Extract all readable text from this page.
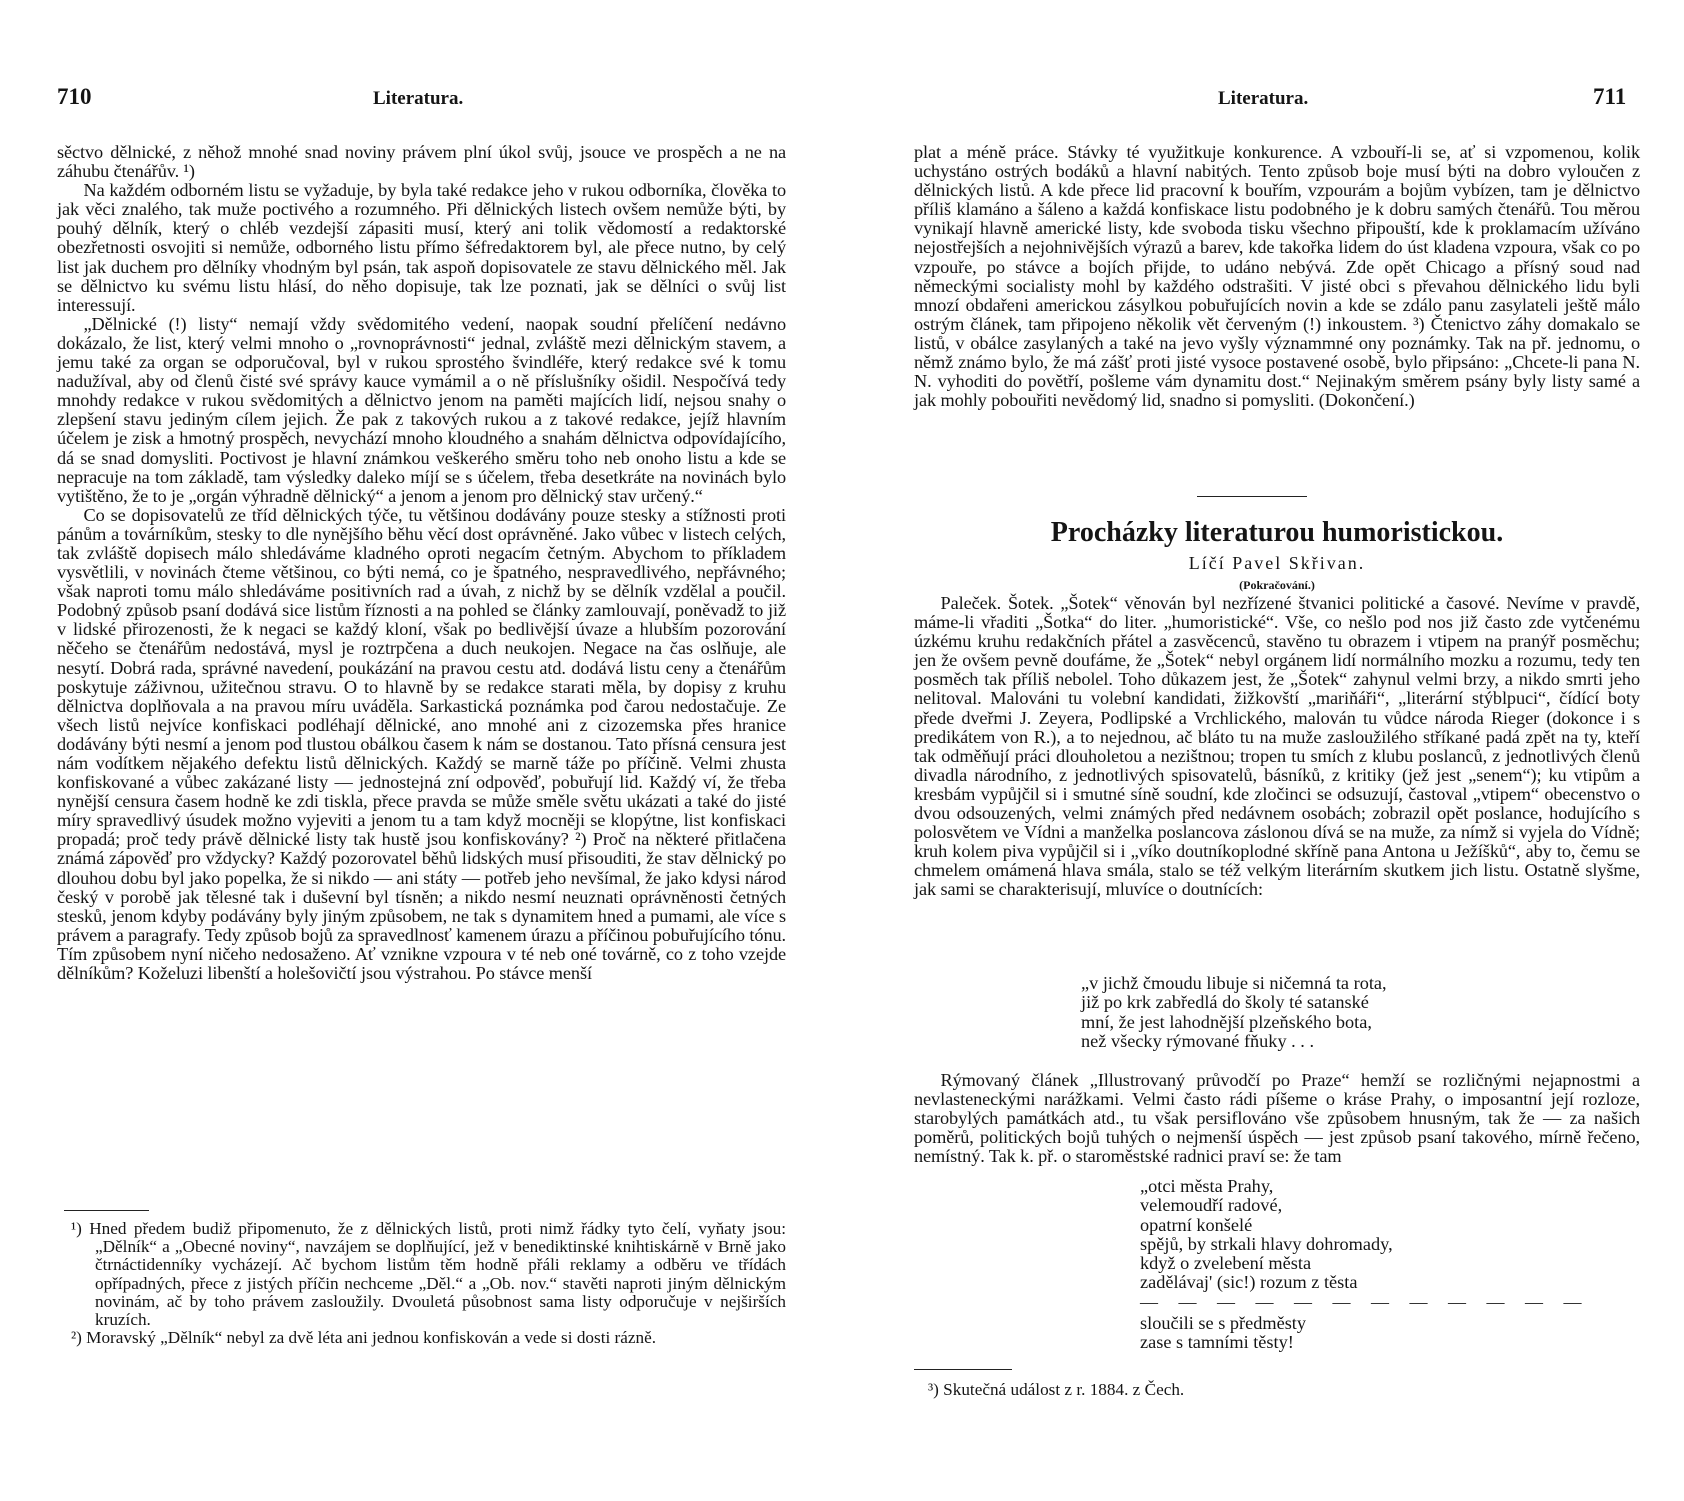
710	Literatura.

sěctvo dělnické, z něhož mnohé snad noviny právem plní úkol svůj, jsouce ve prospěch a ne na záhubu čtenářův. ¹)

Na každém odborném listu se vyžaduje, by byla také redakce jeho v rukou odborníka, člověka to jak věci znalého, tak muže poctivého a rozumného. Při dělnických listech ovšem nemůže býti, by pouhý dělník, který o chléb vezdejší zápasiti musí, který ani tolik vědomostí a redaktorské obezřetnosti osvojiti si nemůže, odborného listu přímo šéfredaktorem byl, ale přece nutno, by celý list jak duchem pro dělníky vhodným byl psán, tak aspoň dopisovatele ze stavu dělnického měl. Jak se dělnictvo ku svému listu hlásí, do něho dopisuje, tak lze poznati, jak se dělníci o svůj list interessují.

„Dělnické (!) listy“ nemají vždy svědomitého vedení, naopak soudní přelíčení nedávno dokázalo, že list, který velmi mnoho o „rovnoprávnosti“ jednal, zvláště mezi dělnickým stavem, a jemu také za organ se odporučoval, byl v rukou sprostého švindléře, který redakce své k tomu nadužíval, aby od členů čisté své správy kauce vymámil a o ně příslušníky ošidil. Nespočívá tedy mnohdy redakce v rukou svědomitých a dělnictvo jenom na paměti majících lidí, nejsou snahy o zlepšení stavu jediným cílem jejich. Že pak z takových rukou a z takové redakce, jejíž hlavním účelem je zisk a hmotný prospěch, nevychází mnoho kloudného a snahám dělnictva odpovídajícího, dá se snad domysliti. Poctivost je hlavní známkou veškerého směru toho neb onoho listu a kde se nepracuje na tom základě, tam výsledky daleko míjí se s účelem, třeba desetkráte na novinách bylo vytištěno, že to je „orgán výhradně dělnický“ a jenom a jenom pro dělnický stav určený.“

Co se dopisovatelů ze tříd dělnických týče, tu většinou dodávány pouze stesky a stížnosti proti pánům a továrníkům, stesky to dle nynějšího běhu věcí dost oprávněné. Jako vůbec v listech celých, tak zvláště dopisech málo shledáváme kladného oproti negacím četným. Abychom to příkladem vysvětlili, v novinách čteme většinou, co býti nemá, co je špatného, nespravedlivého, nepřávného; však naproti tomu málo shledáváme positivních rad a úvah, z nichž by se dělník vzdělal a poučil. Podobný způsob psaní dodává sice listům říznosti a na pohled se články zamlouvají, poněvadž to již v lidské přirozenosti, že k negaci se každý kloní, však po bedlivější úvaze a hlubším pozorování něčeho se čtenářům nedostává, mysl je roztrpčena a duch neukojen. Negace na čas oslňuje, ale nesytí. Dobrá rada, správné navedení, poukázání na pravou cestu atd. dodává listu ceny a čtenářům poskytuje záživnou, užitečnou stravu. O to hlavně by se redakce starati měla, by dopisy z kruhu dělnictva doplňovala a na pravou míru uváděla. Sarkastická poznámka pod čarou nedostačuje. Ze všech listů nejvíce konfiskaci podléhají dělnické, ano mnohé ani z cizozemska přes hranice dodávány býti nesmí a jenom pod tlustou obálkou časem k nám se dostanou. Tato přísná censura jest nám vodítkem nějakého defektu listů dělnických. Každý se marně táže po příčině. Velmi zhusta konfiskované a vůbec zakázané listy — jednostejná zní odpověď, pobuřují lid. Každý ví, že třeba nynější censura časem hodně ke zdi tiskla, přece pravda se může směle světu ukázati a také do jisté míry spravedlivý úsudek možno vyjeviti a jenom tu a tam když mocněji se klopýtne, list konfiskaci propadá; proč tedy právě dělnické listy tak hustě jsou konfiskovány? ²) Proč na některé přitlačena známá zápověď pro vždycky? Každý pozorovatel běhů lidských musí přisouditi, že stav dělnický po dlouhou dobu byl jako popelka, že si nikdo — ani státy — potřeb jeho nevšímal, že jako kdysi národ český v porobě jak tělesné tak i duševní byl tísněn; a nikdo nesmí neuznati oprávněnosti četných stesků, jenom kdyby podávány byly jiným způsobem, ne tak s dynamitem hned a pumami, ale více s právem a paragrafy. Tedy způsob bojů za spravedlnosť kamenem úrazu a příčinou pobuřujícího tónu. Tím způsobem nyní ničeho nedosaženo. Ať vznikne vzpoura v té neb oné továrně, co z toho vzejde dělníkům? Koželuzi libenští a holešovičtí jsou výstrahou. Po stávce menší

¹) Hned předem budiž připomenuto, že z dělnických listů, proti nimž řádky tyto čelí, vyňaty jsou: „Dělník“ a „Obecné noviny“, navzájem se doplňující, jež v benediktinské knihtiskárně v Brně jako čtrnáctidenníky vycházejí. Ač bychom listům těm hodně přáli reklamy a odběru ve třídách opřípadných, přece z jistých příčin nechceme „Děl.“ a „Ob. nov.“ stavěti naproti jiným dělnickým novinám, ač by toho právem zasloužily. Dvouletá působnost sama listy odporučuje v nejširších kruzích.

²) Moravský „Dělník“ nebyl za dvě léta ani jednou konfiskován a vede si dosti rázně.

Literatura.	711

plat a méně práce. Stávky té využitkuje konkurence. A vzbouří-li se, ať si vzpomenou, kolik uchystáno ostrých bodáků a hlavní nabitých. Tento způsob boje musí býti na dobro vyloučen z dělnických listů. A kde přece lid pracovní k bouřím, vzpourám a bojům vybízen, tam je dělnictvo příliš klamáno a šáleno a každá konfiskace listu podobného je k dobru samých čtenářů. Tou měrou vynikají hlavně americké listy, kde svoboda tisku všechno připouští, kde k proklamacím užíváno nejostřejších a nejohnivějších výrazů a barev, kde takořka lidem do úst kladena vzpoura, však co po vzpouře, po stávce a bojích přijde, to udáno nebývá. Zde opět Chicago a přísný soud nad německými socialisty mohl by každého odstrašiti. V jisté obci s převahou dělnického lidu byli mnozí obdařeni americkou zásylkou pobuřujících novin a kde se zdálo panu zasylateli ještě málo ostrým článek, tam připojeno několik vět červeným (!) inkoustem. ³) Čtenictvo záhy domakalo se listů, v obálce zasylaných a také na jevo vyšly význammné ony poznámky. Tak na př. jednomu, o němž známo bylo, že má zášť proti jisté vysoce postavené osobě, bylo připsáno: „Chcete-li pana N. N. vyhoditi do povětří, pošleme vám dynamitu dost.“ Nejinakým směrem psány byly listy samé a jak mohly pobouřiti nevědomý lid, snadno si pomysliti. (Dokončení.)

Procházky literaturou humoristickou.
Líčí Pavel Skřivan.
(Pokračování.)

Paleček. Šotek. „Šotek“ věnován byl nezřízené štvanici politické a časové. Nevíme v pravdě, máme-li vřaditi „Šotka“ do liter. „humoristické“. Vše, co nešlo pod nos již často zde vytčenému úzkému kruhu redakčních přátel a zasvěcenců, stavěno tu obrazem i vtipem na pranýř posměchu; jen že ovšem pevně doufáme, že „Šotek“ nebyl orgánem lidí normálního mozku a rozumu, tedy ten posměch tak příliš nebolel. Toho důkazem jest, že „Šotek“ zahynul velmi brzy, a nikdo smrti jeho nelitoval. Malováni tu volební kandidati, žižkovští „mariňáři“, „literární stýblpuci“, čídící boty přede dveřmi J. Zeyera, Podlipské a Vrchlického, malován tu vůdce národa Rieger (dokonce i s predikátem von R.), a to nejednou, ač bláto tu na muže zasloužilého stříkané padá zpět na ty, kteří tak odměňují práci dlouholetou a nezištnou; tropen tu smích z klubu poslanců, z jednotlivých členů divadla národního, z jednotlivých spisovatelů, básníků, z kritiky (jež jest „senem“); ku vtipům a kresbám vypůjčil si i smutné síně soudní, kde zločinci se odsuzují, častoval „vtipem“ obecenstvo o dvou odsouzených, velmi známých před nedávnem osobách; zobrazil opět poslance, hodujícího s polosvětem ve Vídni a manželka poslancova záslonou dívá se na muže, za nímž si vyjela do Vídně; kruh kolem piva vypůjčil si i „víko doutníkoplodné skříně pana Antona u Ježíšků“, aby to, čemu se chmelem omámená hlava smála, stalo se též velkým literárním skutkem jich listu. Ostatně slyšme, jak sami se charakterisují, mluvíce o doutnících:

„v jichž čmoudu libuje si ničemná ta rota,
již po krk zabředlá do školy té satanské
mní, že jest lahodnější plzeňského bota,
než všecky rýmované fňuky . . .

Rýmovaný článek „Illustrovaný průvodčí po Praze“ hemží se rozličnými nejapnostmi a nevlasteneckými narážkami. Velmi často rádi píšeme o kráse Prahy, o imposantní její rozloze, starobylých památkách atd., tu však persiflováno vše způsobem hnusným, tak že — za našich poměrů, politických bojů tuhých o nejmenší úspěch — jest způsob psaní takového, mírně řečeno, nemístný. Tak k. př. o staroměstské radnici praví se: že tam

„otci města Prahy,
velemoudří radové,
opatrní konšelé
spějů, by strkali hlavy dohromady,
když o zvelebení města
zadělávaj' (sic!) rozum z těsta
— — — — — — — — — — — —
sloučili se s předměsty
zase s tamními těsty!

³) Skutečná událost z r. 1884. z Čech.
